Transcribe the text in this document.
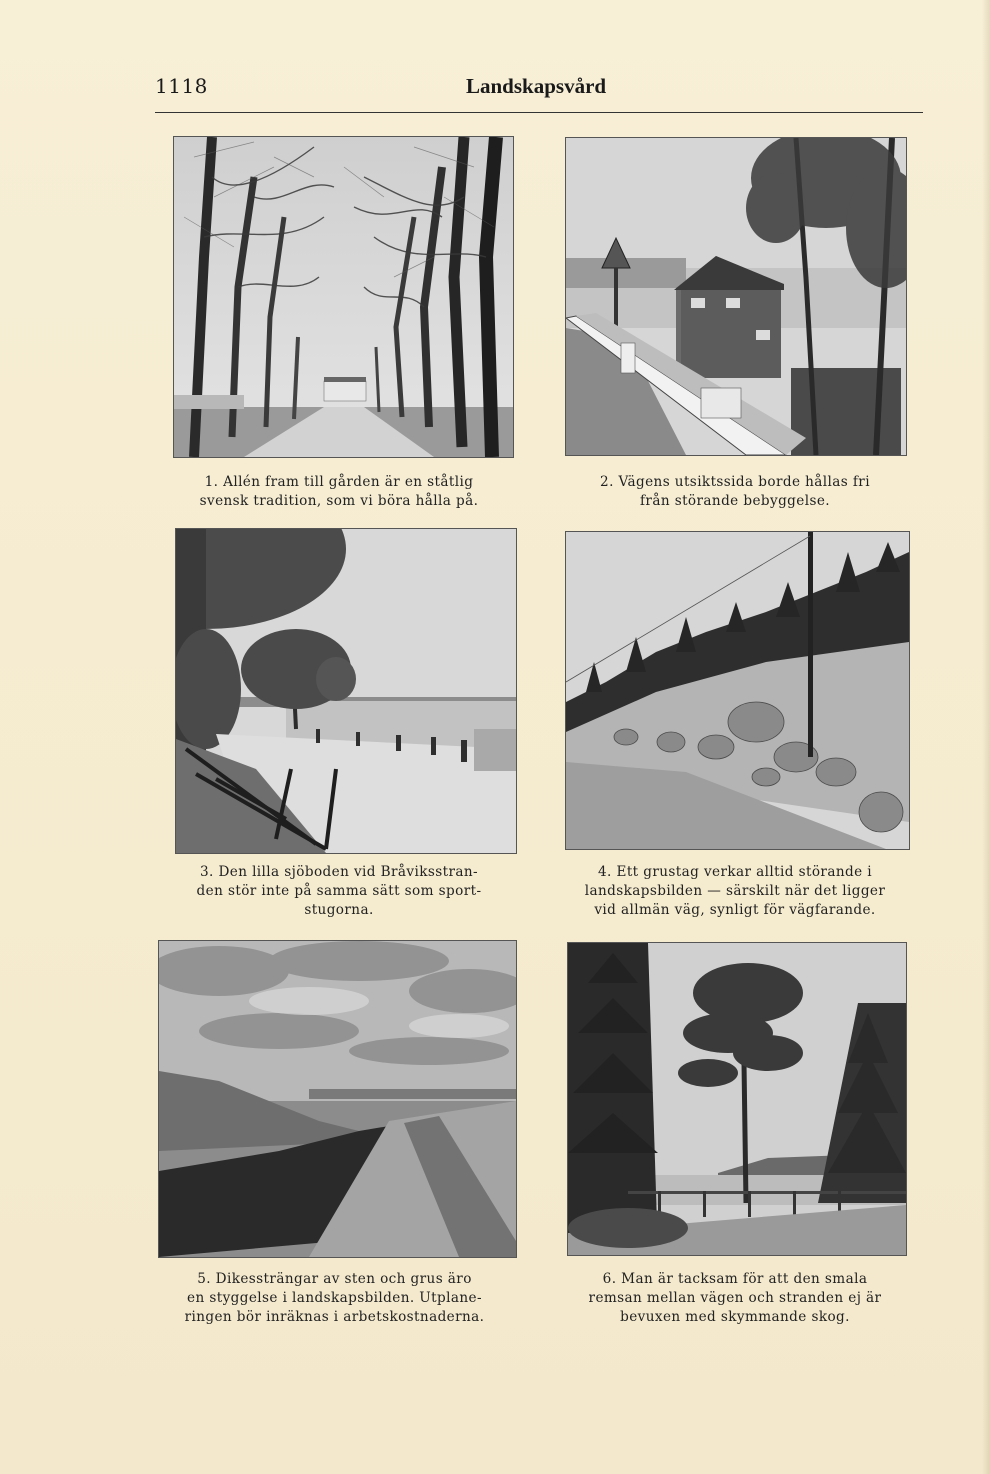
1118	Landskapsvård

1. Allén fram till gården är en ståtlig
svensk tradition, som vi böra hålla på.

2. Vägens utsiktssida borde hållas fri
från störande bebyggelse.

3. Den lilla sjöboden vid Bråviksstran-
den stör inte på samma sätt som sport-
stugorna.

4. Ett grustag verkar alltid störande i
landskapsbilden — särskilt när det ligger
vid allmän väg, synligt för vägfarande.

5. Dikessträngar av sten och grus äro
en styggelse i landskapsbilden. Utplane-
ringen bör inräknas i arbetskostnaderna.

6. Man är tacksam för att den smala
remsan mellan vägen och stranden ej är
bevuxen med skymmande skog.
